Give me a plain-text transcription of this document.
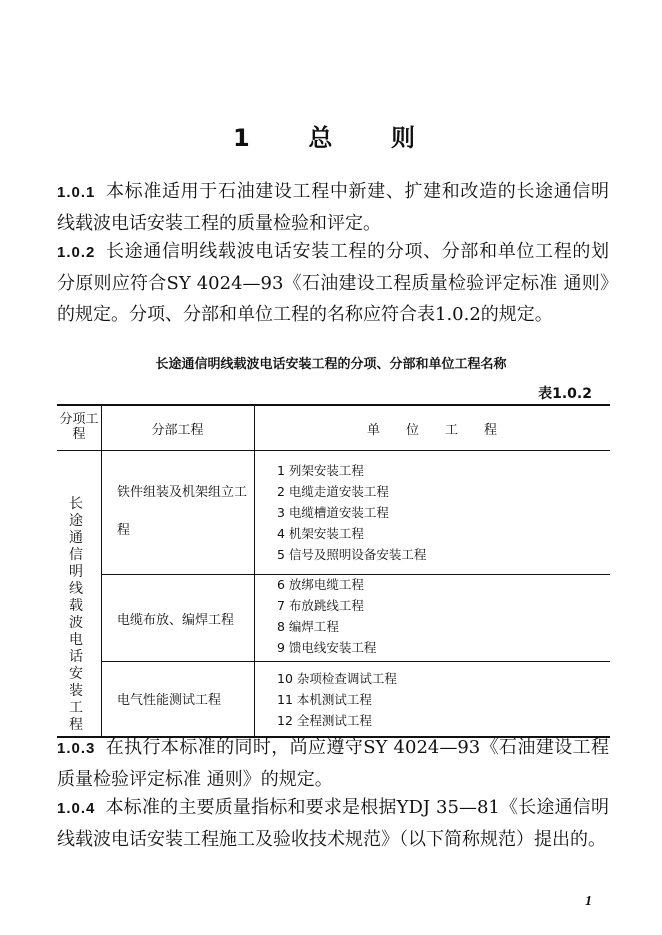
1  总  则

1.0.1 本标准适用于石油建设工程中新建、扩建和改造的长途通信明线载波电话安装工程的质量检验和评定。

1.0.2 长途通信明线载波电话安装工程的分项、分部和单位工程的划分原则应符合SY 4024—93《石油建设工程质量检验评定标准 通则》的规定。分项、分部和单位工程的名称应符合表1.0.2的规定。

长途通信明线载波电话安装工程的分项、分部和单位工程名称
表1.0.2
分项工程	分部工程	单　　位　　工　　程
长途通信明线载波电话安装工程
铁件组装及机架组立工程
电缆布放、编焊工程
电气性能测试工程
1 列架安装工程
2 电缆走道安装工程
3 电缆槽道安装工程
4 机架安装工程
5 信号及照明设备安装工程
6 放绑电缆工程
7 布放跳线工程
8 编焊工程
9 馈电线安装工程
10 杂项检查调试工程
11 本机测试工程
12 全程测试工程

1.0.3 在执行本标准的同时，尚应遵守SY 4024—93《石油建设工程质量检验评定标准 通则》的规定。

1.0.4 本标准的主要质量指标和要求是根据YDJ 35—81《长途通信明线载波电话安装工程施工及验收技术规范》（以下简称规范）提出的。

1
